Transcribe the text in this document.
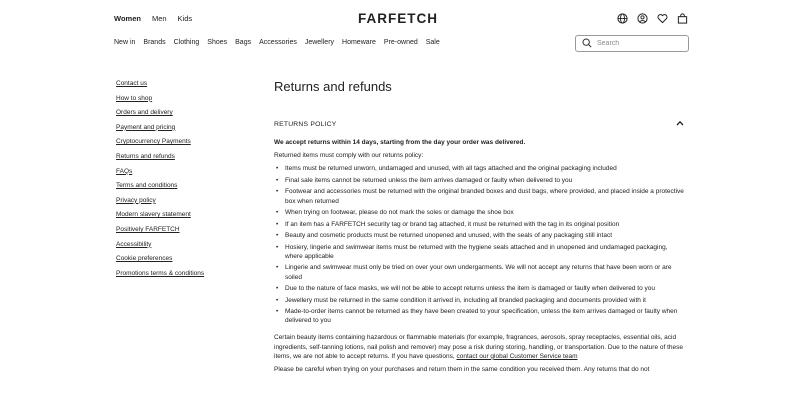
Women Men Kids	FARFETCH
New in Brands Clothing Shoes Bags Accessories Jewellery Homeware Pre-owned Sale
Search
Contact us
How to shop
Orders and delivery
Payment and pricing
Cryptocurrency Payments
Returns and refunds
FAQs
Terms and conditions
Privacy policy
Modern slavery statement
Positively FARFETCH
Accessibility
Cookie preferences
Promotions terms & conditions
Returns and refunds
RETURNS POLICY

We accept returns within 14 days, starting from the day your order was delivered.

Returned items must comply with our returns policy:

• Items must be returned unworn, undamaged and unused, with all tags attached and the original packaging included
• Final sale items cannot be returned unless the item arrives damaged or faulty when delivered to you
• Footwear and accessories must be returned with the original branded boxes and dust bags, where provided, and placed inside a protective box when returned
• When trying on footwear, please do not mark the soles or damage the shoe box
• If an item has a FARFETCH security tag or brand tag attached, it must be returned with the tag in its original position
• Beauty and cosmetic products must be returned unopened and unused, with the seals of any packaging still intact
• Hosiery, lingerie and swimwear items must be returned with the hygiene seals attached and in unopened and undamaged packaging, where applicable
• Lingerie and swimwear must only be tried on over your own undergarments. We will not accept any returns that have been worn or are soiled
• Due to the nature of face masks, we will not be able to accept returns unless the item is damaged or faulty when delivered to you
• Jewellery must be returned in the same condition it arrived in, including all branded packaging and documents provided with it
• Made-to-order items cannot be returned as they have been created to your specification, unless the item arrives damaged or faulty when delivered to you

Certain beauty items containing hazardous or flammable materials (for example, fragrances, aerosols, spray receptacles, essential oils, acid ingredients, self-tanning lotions, nail polish and remover) may pose a risk during storing, handling, or transportation. Due to the nature of these items, we are not able to accept returns. If you have questions, contact our global Customer Service team

Please be careful when trying on your purchases and return them in the same condition you received them. Any returns that do not
